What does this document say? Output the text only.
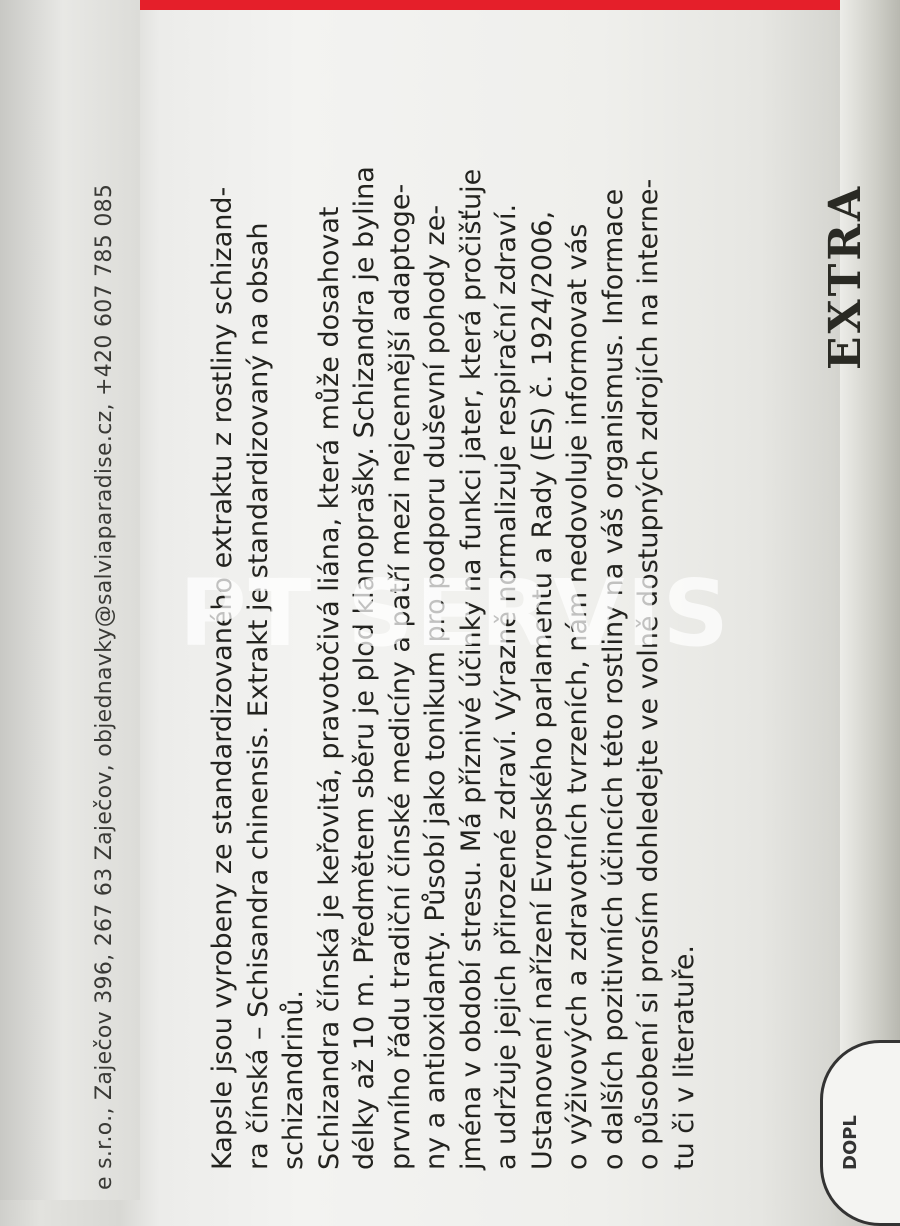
e s.r.o., Zaječov 396, 267 63 Zaječov, objednavky@salviaparadise.cz, +420 607 785 085	Kapsle jsou vyrobeny ze standardizovaného extraktu z rostliny schizand- ra čínská – Schisandra chinensis. Extrakt je standardizovaný na obsah schizandrinů. Schizandra čínská je keřovitá, pravotočivá liána, která může dosahovat délky až 10 m. Předmětem sběru je plod klanoprašky. Schizandra je bylina prvního řádu tradiční čínské medicíny a patří mezi nejcennější adaptoge- ny a antioxidanty. Působí jako tonikum pro podporu duševní pohody ze- jména v období stresu. Má příznivé účinky na funkci jater, která pročišťuje a udržuje jejich přirozené zdraví. Výrazně normalizuje respirační zdraví. Ustanovení nařízení Evropského parlamentu a Rady (ES) č. 1924/2006, o výživových a zdravotních tvrzeních, nám nedovoluje informovat vás o dalších pozitivních účincích této rostliny na váš organismus. Informace o působení si prosím dohledejte ve volně dostupných zdrojích na interne- tu či v literatuře.
PT SERVIS
EXTRA
DOPL
